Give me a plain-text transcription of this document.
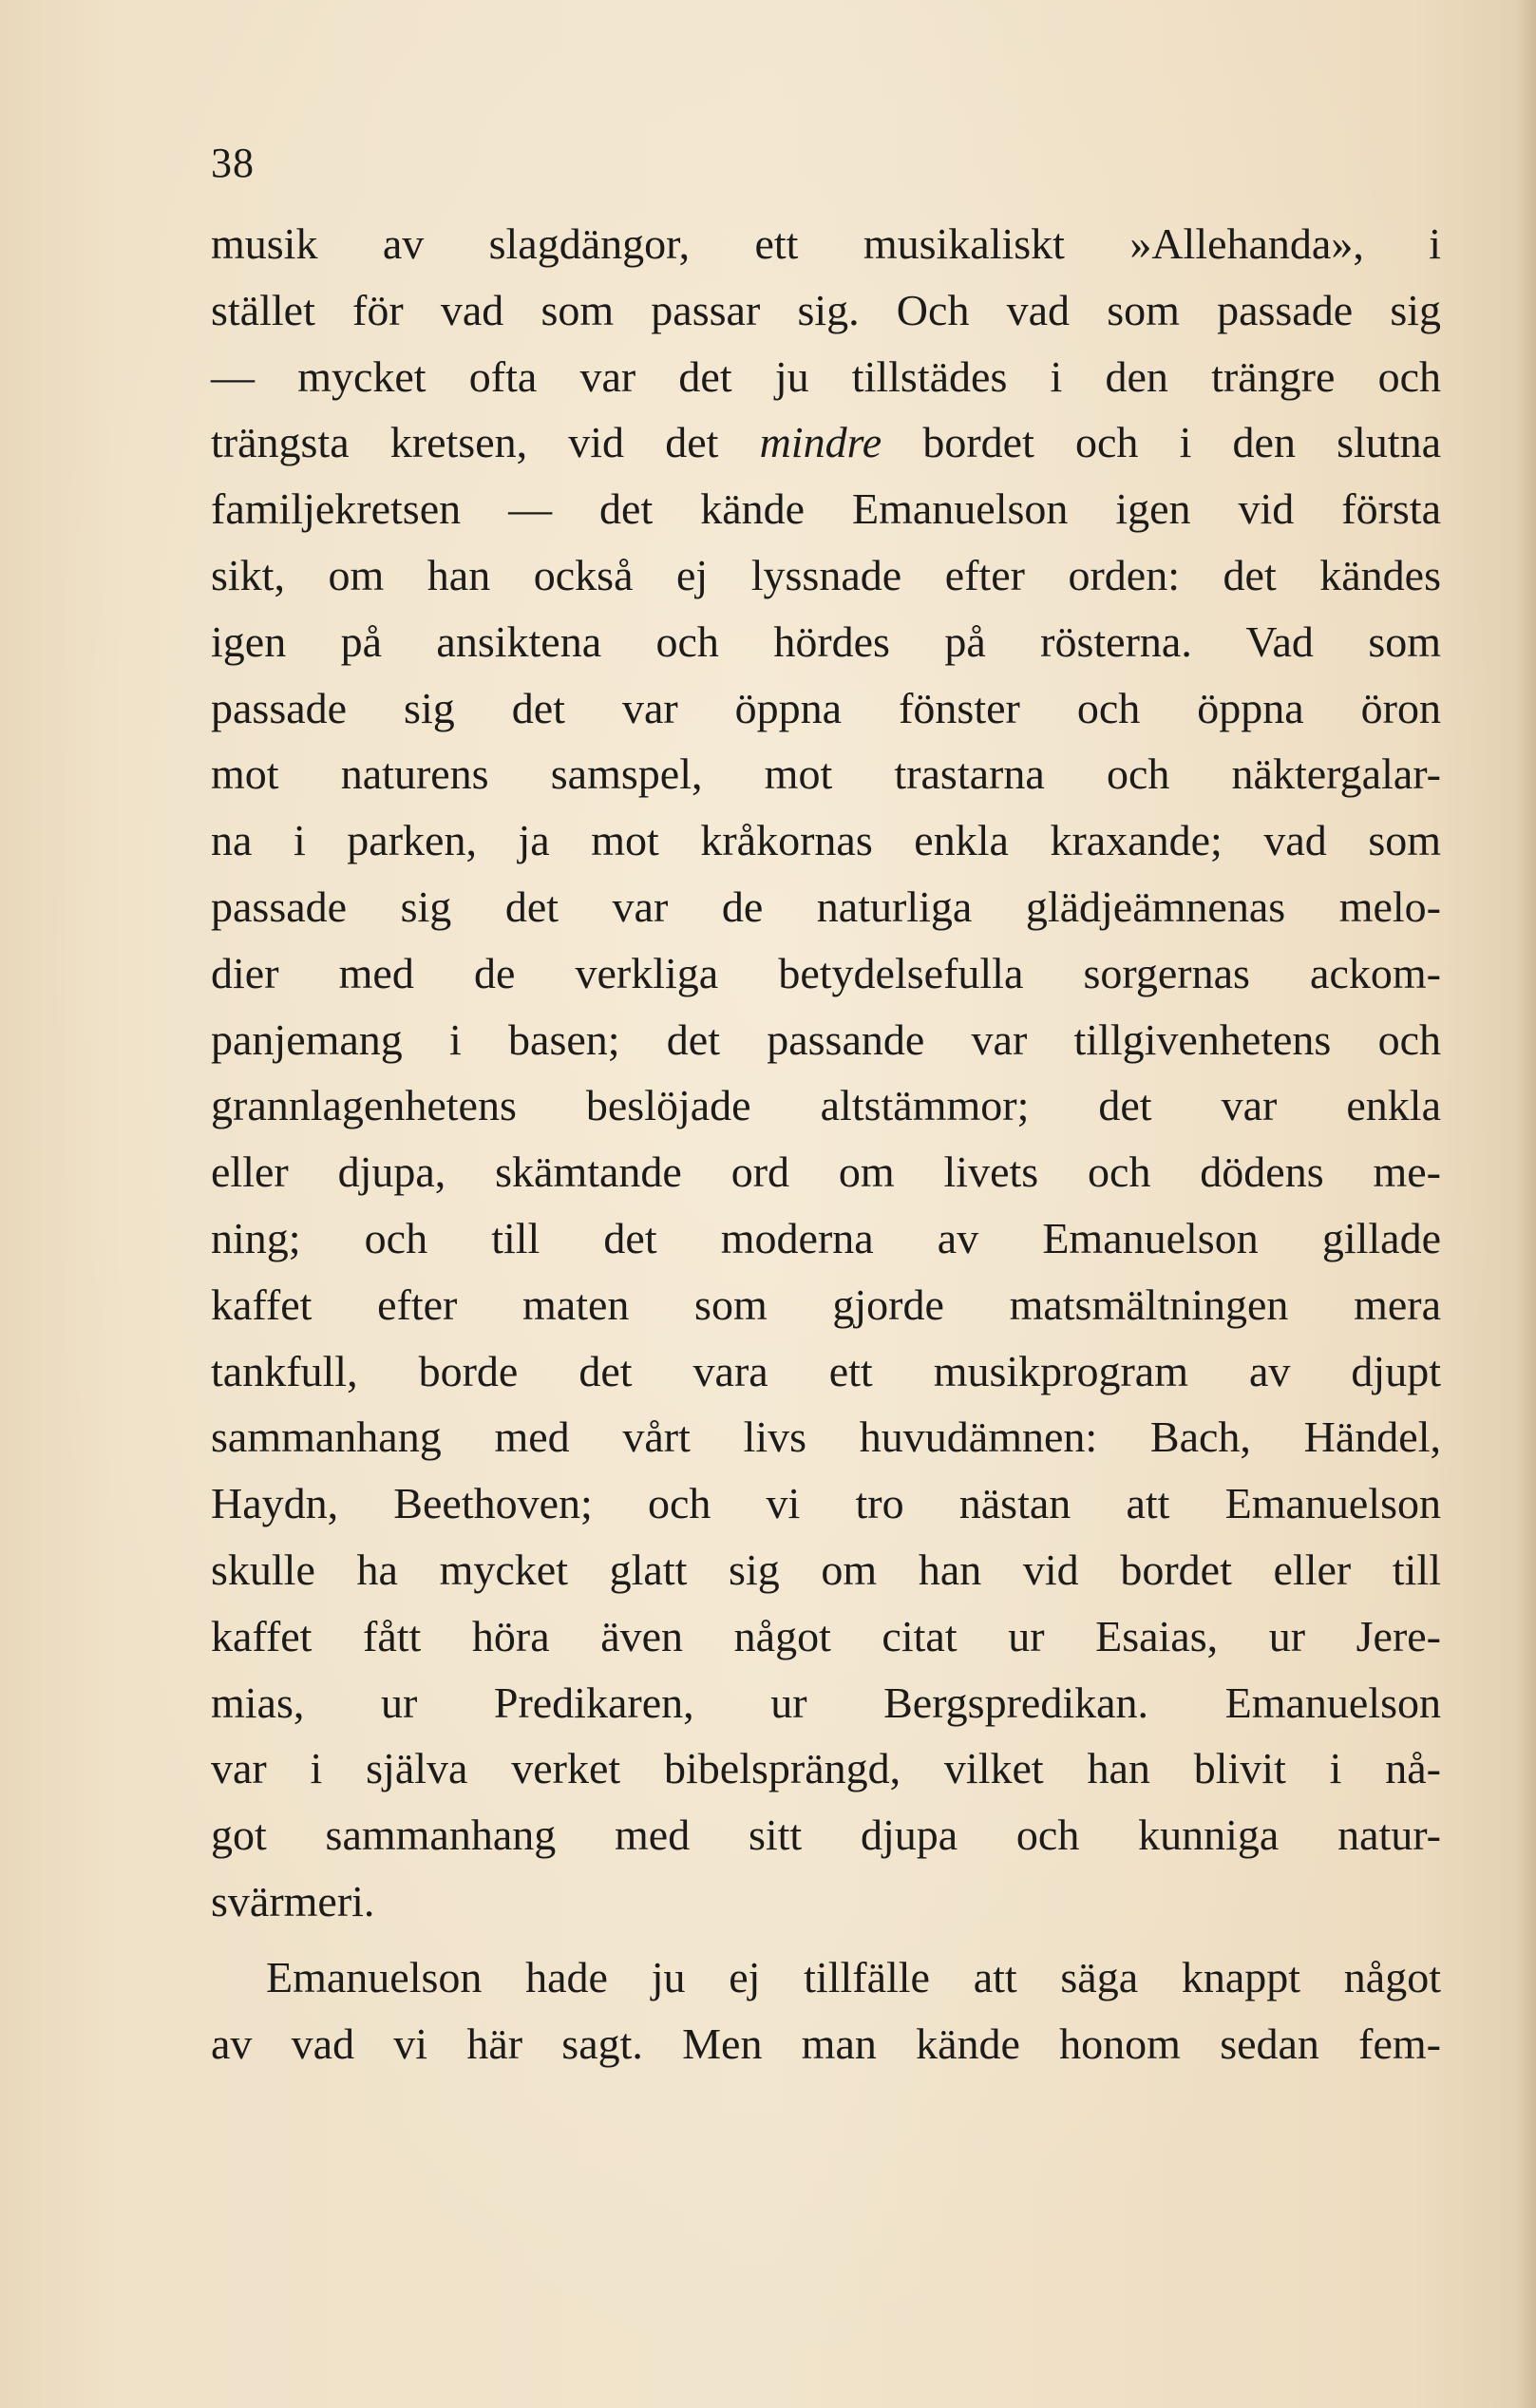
38
musik av slagdängor, ett musikaliskt »Allehanda», i
stället för vad som passar sig. Och vad som passade sig
— mycket ofta var det ju tillstädes i den trängre och
trängsta kretsen, vid det mindre bordet och i den slutna
familjekretsen — det kände Emanuelson igen vid första
sikt, om han också ej lyssnade efter orden: det kändes
igen på ansiktena och hördes på rösterna. Vad som
passade sig det var öppna fönster och öppna öron
mot naturens samspel, mot trastarna och näktergalar-
na i parken, ja mot kråkornas enkla kraxande; vad som
passade sig det var de naturliga glädjeämnenas melo-
dier med de verkliga betydelsefulla sorgernas ackom-
panjemang i basen; det passande var tillgivenhetens och
grannlagenhetens beslöjade altstämmor; det var enkla
eller djupa, skämtande ord om livets och dödens me-
ning; och till det moderna av Emanuelson gillade
kaffet efter maten som gjorde matsmältningen mera
tankfull, borde det vara ett musikprogram av djupt
sammanhang med vårt livs huvudämnen: Bach, Händel,
Haydn, Beethoven; och vi tro nästan att Emanuelson
skulle ha mycket glatt sig om han vid bordet eller till
kaffet fått höra även något citat ur Esaias, ur Jere-
mias, ur Predikaren, ur Bergspredikan. Emanuelson
var i själva verket bibelsprängd, vilket han blivit i nå-
got sammanhang med sitt djupa och kunniga natur-
svärmeri.
Emanuelson hade ju ej tillfälle att säga knappt något
av vad vi här sagt. Men man kände honom sedan fem-
